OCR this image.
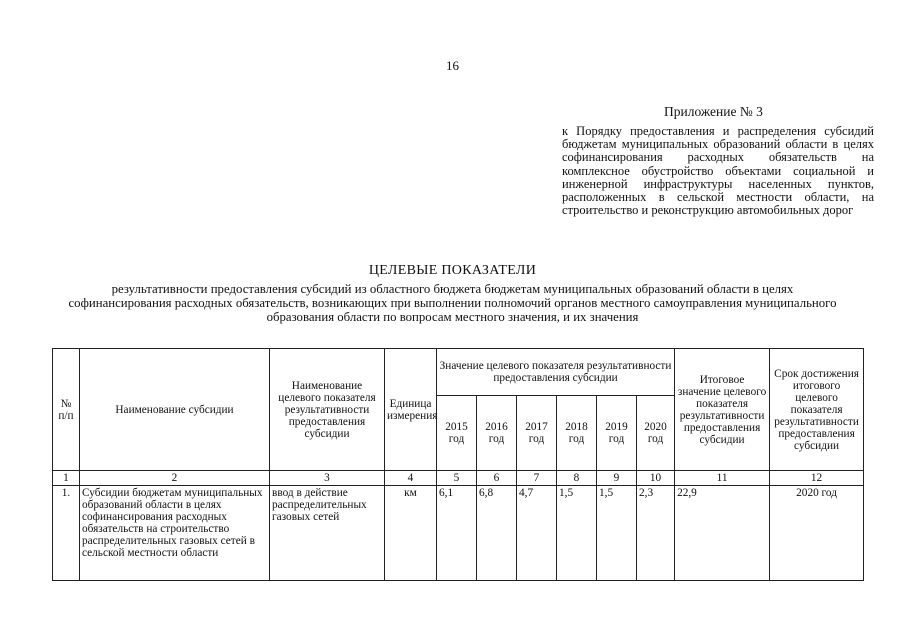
16
Приложение № 3
к Порядку предоставления и распределения субсидий бюджетам муниципальных образований области в целях софинансирования расходных обязательств на комплексное обустройство объектами социальной и инженерной инфраструктуры населенных пунктов, расположенных в сельской местности области, на строительство и реконструкцию автомобильных дорог
ЦЕЛЕВЫЕ ПОКАЗАТЕЛИ
результативности предоставления субсидий из областного бюджета бюджетам муниципальных образований области в целях софинансирования расходных обязательств, возникающих при выполнении полномочий органов местного самоуправления муниципального образования области по вопросам местного значения, и их значения
№ п/п	Наименование субсидии	Наименование целевого показателя результативности предоставления субсидии	Единица измерения	Значение целевого показателя результативности предоставления субсидии						Итоговое значение целевого показателя результативности предоставления субсидии	Срок достижения итогового целевого показателя результативности предоставления субсидии
				2015 год	2016 год	2017 год	2018 год	2019 год	2020 год		
1	2	3	4	5	6	7	8	9	10	11	12
1.	Субсидии бюджетам муниципальных образований области в целях софинансирования расходных обязательств на строительство распределительных газовых сетей в сельской местности области	ввод в действие распределительных газовых сетей	км	6,1	6,8	4,7	1,5	1,5	2,3	22,9	2020 год
